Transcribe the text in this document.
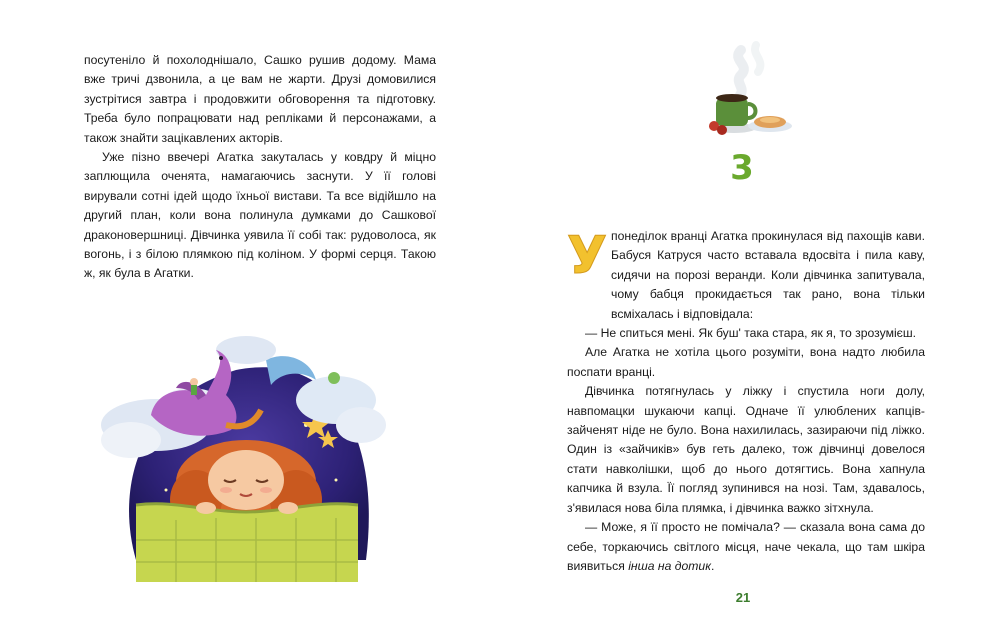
посутеніло й похолоднішало, Сашко рушив додому. Мама вже тричі дзвонила, а це вам не жарти. Друзі домовилися зустрітися завтра і продовжити обговорення та підготовку. Треба було попрацювати над репліками й персонажами, а також знайти зацікавлених акторів.

Уже пізно ввечері Агатка закуталась у ковдру й міцно заплющила оченята, намагаючись заснути. У її голові вирували сотні ідей щодо їхньої вистави. Та все відійшло на другий план, коли вона полинула думками до Сашкової драконовершниці. Дівчинка уявила її собі так: рудоволоса, як вогонь, і з білою плямкою під коліном. У формі серця. Такою ж, як була в Агатки.

3
У понеділок вранці Агатка прокинулася від пахощів кави. Бабуся Катруся часто вставала вдосвіта і пила каву, сидячи на порозі веранди. Коли дівчинка запитувала, чому бабця прокидається так рано, вона тільки всміхалась і відповідала:

— Не спиться мені. Як буш' така стара, як я, то зрозумієш.

Але Агатка не хотіла цього розуміти, вона надто любила поспати вранці.

Дівчинка потягнулась у ліжку і спустила ноги долу, навпомацки шукаючи капці. Одначе її улюблених капців-зайченят ніде не було. Вона нахилилась, зазираючи під ліжко. Один із «зайчиків» був геть далеко, тож дівчинці довелося стати навколішки, щоб до нього дотягтись. Вона хапнула капчика й взула. Її погляд зупинився на нозі. Там, здавалось, з'явилася нова біла плямка, і дівчинка важко зітхнула.

— Може, я її просто не помічала? — сказала вона сама до себе, торкаючись світлого місця, наче чекала, що там шкіра виявиться інша на дотик.

21
